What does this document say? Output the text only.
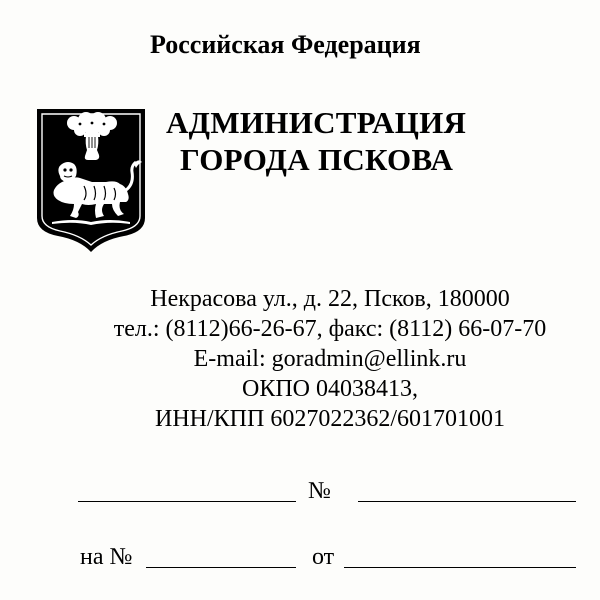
Российская Федерация
АДМИНИСТРАЦИЯ
ГОРОДА ПСКОВА
Некрасова ул., д. 22, Псков, 180000
тел.: (8112)66-26-67, факс: (8112) 66-07-70
E-mail: goradmin@ellink.ru
ОКПО 04038413,
ИНН/КПП 6027022362/601701001
№
на №	от
